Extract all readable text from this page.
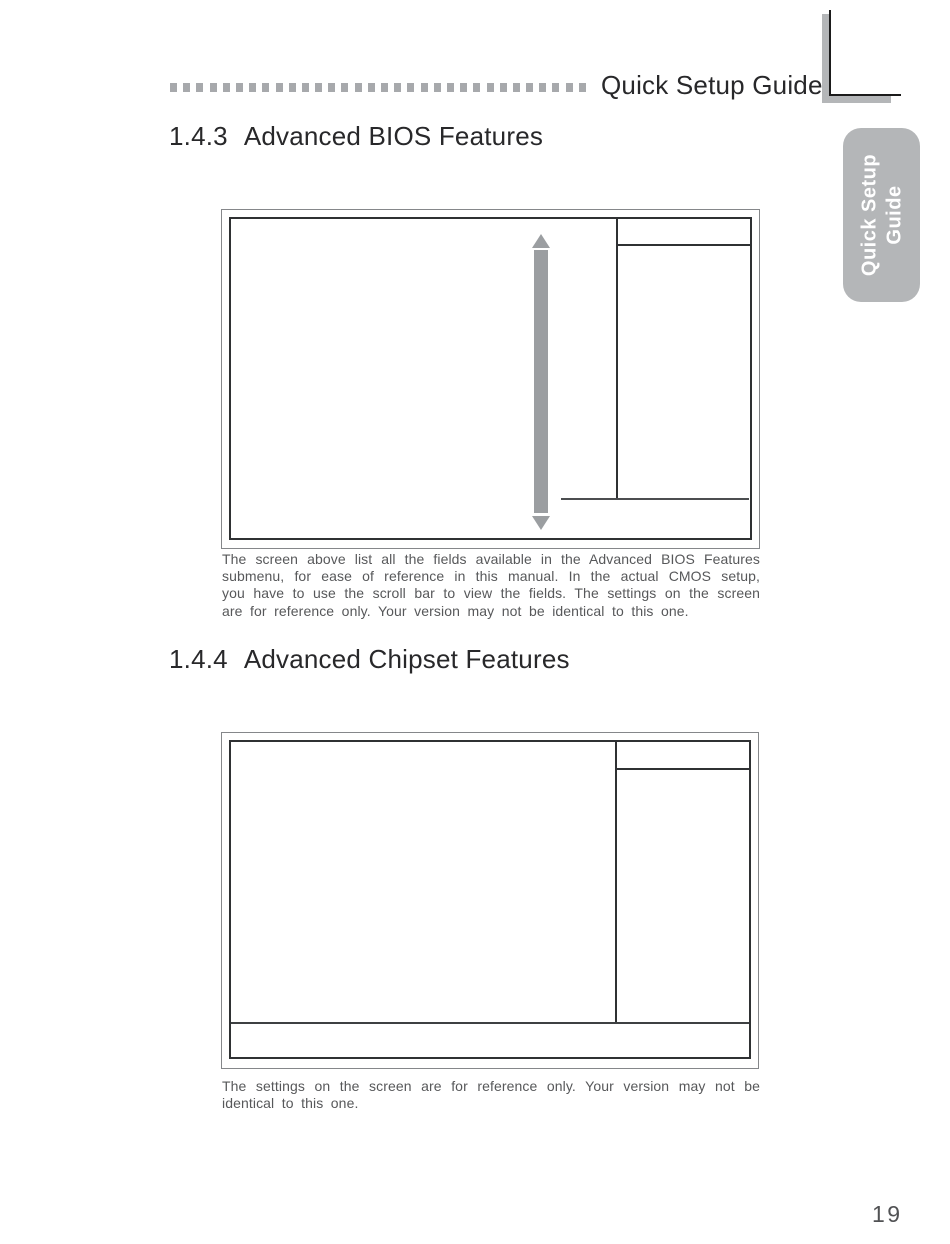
Quick Setup Guide
Quick Setup Guide
1.4.3 Advanced BIOS Features
The screen above list all the fields available in the Advanced BIOS Features
submenu, for ease of reference in this manual. In the actual CMOS setup,
you have to use the scroll bar to view the fields. The settings on the screen
are for reference only. Your version may not be identical to this one.
1.4.4 Advanced Chipset Features
The settings on the screen are for reference only. Your version may not be
identical to this one.
19
